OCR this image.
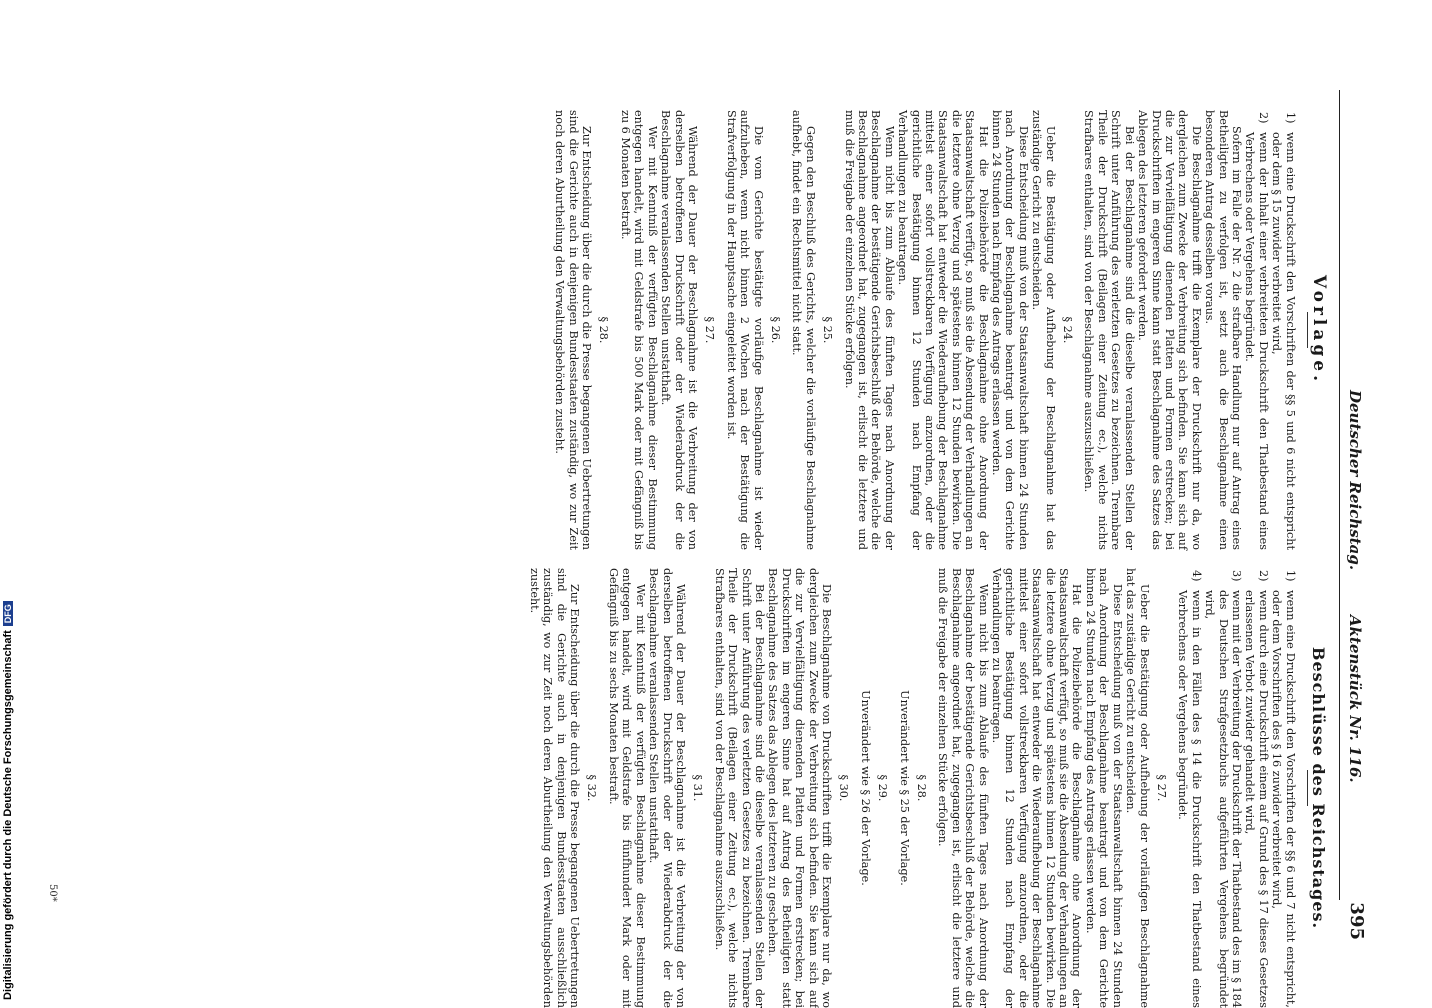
Deutscher Reichstag.
Aktenstück Nr. 116.
395
Vorlage.
1)
wenn eine Druckschrift den Vorschriften der §§ 5 und 6 nicht entspricht oder dem § 15 zuwider verbreitet wird,
2)
wenn der Inhalt einer verbreiteten Druckschrift den Thatbestand eines Verbrechens oder Vergehens begründet.

Sofern im Falle der Nr. 2 die strafbare Handlung nur auf Antrag eines Betheiligten zu verfolgen ist, setzt auch die Beschlagnahme einen besonderen Antrag desselben voraus.

Die Beschlagnahme trifft die Exemplare der Druckschrift nur da, wo dergleichen zum Zwecke der Verbreitung sich befinden. Sie kann sich auf die zur Vervielfältigung dienenden Platten und Formen erstrecken; bei Druckschriften im engeren Sinne kann statt Beschlagnahme des Satzes das Ablegen des letzteren gefordert werden.

Bei der Beschlagnahme sind die dieselbe veranlassenden Stellen der Schrift unter Anführung des verletzten Gesetzes zu bezeichnen. Trennbare Theile der Druckschrift (Beilagen einer Zeitung ec.), welche nichts Strafbares enthalten, sind von der Beschlagnahme auszuschließen.

§ 24.

Ueber die Bestätigung oder Aufhebung der Beschlagnahme hat das zuständige Gericht zu entscheiden.

Diese Entscheidung muß von der Staatsanwaltschaft binnen 24 Stunden nach Anordnung der Beschlagnahme beantragt und von dem Gerichte binnen 24 Stunden nach Empfang des Antrags erlassen werden.

Hat die Polizeibehörde die Beschlagnahme ohne Anordnung der Staatsanwaltschaft verfügt, so muß sie die Absendung der Verhandlungen an die letztere ohne Verzug und spätestens binnen 12 Stunden bewirken. Die Staatsanwaltschaft hat entweder die Wiederaufhebung der Beschlagnahme mittelst einer sofort vollstreckbaren Verfügung anzuordnen, oder die gerichtliche Bestätigung binnen 12 Stunden nach Empfang der Verhandlungen zu beantragen.

Wenn nicht bis zum Ablaufe des fünften Tages nach Anordnung der Beschlagnahme der bestätigende Gerichtsbeschluß der Behörde, welche die Beschlagnahme angeordnet hat, zugegangen ist, erlischt die letztere und muß die Freigabe der einzelnen Stücke erfolgen.

§ 25.

Gegen den Beschluß des Gerichts, welcher die vorläufige Beschlagnahme aufhebt, findet ein Rechtsmittel nicht statt.

§ 26.

Die vom Gerichte bestätigte vorläufige Beschlagnahme ist wieder aufzuheben, wenn nicht binnen 2 Wochen nach der Bestätigung die Strafverfolgung in der Hauptsache eingeleitet worden ist.

§ 27.

Während der Dauer der Beschlagnahme ist die Verbreitung der von derselben betroffenen Druckschrift oder der Wiederabdruck der die Beschlagnahme veranlassenden Stellen unstatthaft.

Wer mit Kenntniß der verfügten Beschlagnahme dieser Bestimmung entgegen handelt, wird mit Geldstrafe bis 500 Mark oder mit Gefängniß bis zu 6 Monaten bestraft.

§ 28.

Zur Entscheidung über die durch die Presse begangenen Uebertretungen sind die Gerichte auch in denjenigen Bundesstaaten zuständig, wo zur Zeit noch deren Aburtheilung den Verwaltungsbehörden zusteht.

Beschlüsse des Reichstages.
1)
wenn eine Druckschrift den Vorschriften der §§ 6 und 7 nicht entspricht, oder dem Vorschriften des § 16 zuwider verbreitet wird,
2)
wenn durch eine Druckschrift einem auf Grund des § 17 dieses Gesetzes erlassenen Verbot zuwider gehandelt wird,
3)
wenn mit der Verbreitung der Druckschrift der Thatbestand des im § 184 des Deutschen Strafgesetzbuchs aufgeführten Vergehens begründet wird,
4)
wenn in den Fällen des § 14 die Druckschrift den Thatbestand eines Verbrechens oder Vergehens begründet.
§ 27.

Ueber die Bestätigung oder Aufhebung der vorläufigen Beschlagnahme hat das zuständige Gericht zu entscheiden.

Diese Entscheidung muß von der Staatsanwaltschaft binnen 24 Stunden nach Anordnung der Beschlagnahme beantragt und von dem Gerichte binnen 24 Stunden nach Empfang des Antrags erlassen werden.

Hat die Polizeibehörde die Beschlagnahme ohne Anordnung der Staatsanwaltschaft verfügt, so muß sie die Absendung der Verhandlungen an die letztere ohne Verzug und spätestens binnen 12 Stunden bewirken. Die Staatsanwaltschaft hat entweder die Wiederaufhebung der Beschlagnahme mittelst einer sofort vollstreckbaren Verfügung anzuordnen, oder die gerichtliche Bestätigung binnen 12 Stunden nach Empfang der Verhandlungen zu beantragen.

Wenn nicht bis zum Ablaufe des fünften Tages nach Anordnung der Beschlagnahme der bestätigende Gerichtsbeschluß der Behörde, welche die Beschlagnahme angeordnet hat, zugegangen ist, erlischt die letztere und muß die Freigabe der einzelnen Stücke erfolgen.

§ 28.

Unverändert wie § 25 der Vorlage.

§ 29.

Unverändert wie § 26 der Vorlage.

§ 30.

Die Beschlagnahme von Druckschriften trifft die Exemplare nur da, wo dergleichen zum Zwecke der Verbreitung sich befinden. Sie kann sich auf die zur Vervielfältigung dienenden Platten und Formen erstrecken; bei Druckschriften im engeren Sinne hat auf Antrag des Betheiligten statt Beschlagnahme des Satzes das Ablegen des letzteren zu geschehen.

Bei der Beschlagnahme sind die dieselbe veranlassenden Stellen der Schrift unter Anführung des verletzten Gesetzes zu bezeichnen. Trennbare Theile der Druckschrift (Beilagen einer Zeitung ec.), welche nichts Strafbares enthalten, sind von der Beschlagnahme auszuschließen.

§ 31.

Während der Dauer der Beschlagnahme ist die Verbreitung der von derselben betroffenen Druckschrift oder der Wiederabdruck der die Beschlagnahme veranlassenden Stellen unstatthaft.

Wer mit Kenntniß der verfügten Beschlagnahme dieser Bestimmung entgegen handelt, wird mit Geldstrafe bis fünfhundert Mark oder mit Gefängniß bis zu sechs Monaten bestraft.

§ 32.

Zur Entscheidung über die durch die Presse begangenen Uebertretungen sind die Gerichte auch in denjenigen Bundesstaaten ausschließlich zuständig, wo zur Zeit noch deren Aburtheilung den Verwaltungsbehörden zusteht.

50*
Digitalisierung gefördert durch die Deutsche ForschungsgemeinschaftDFG
